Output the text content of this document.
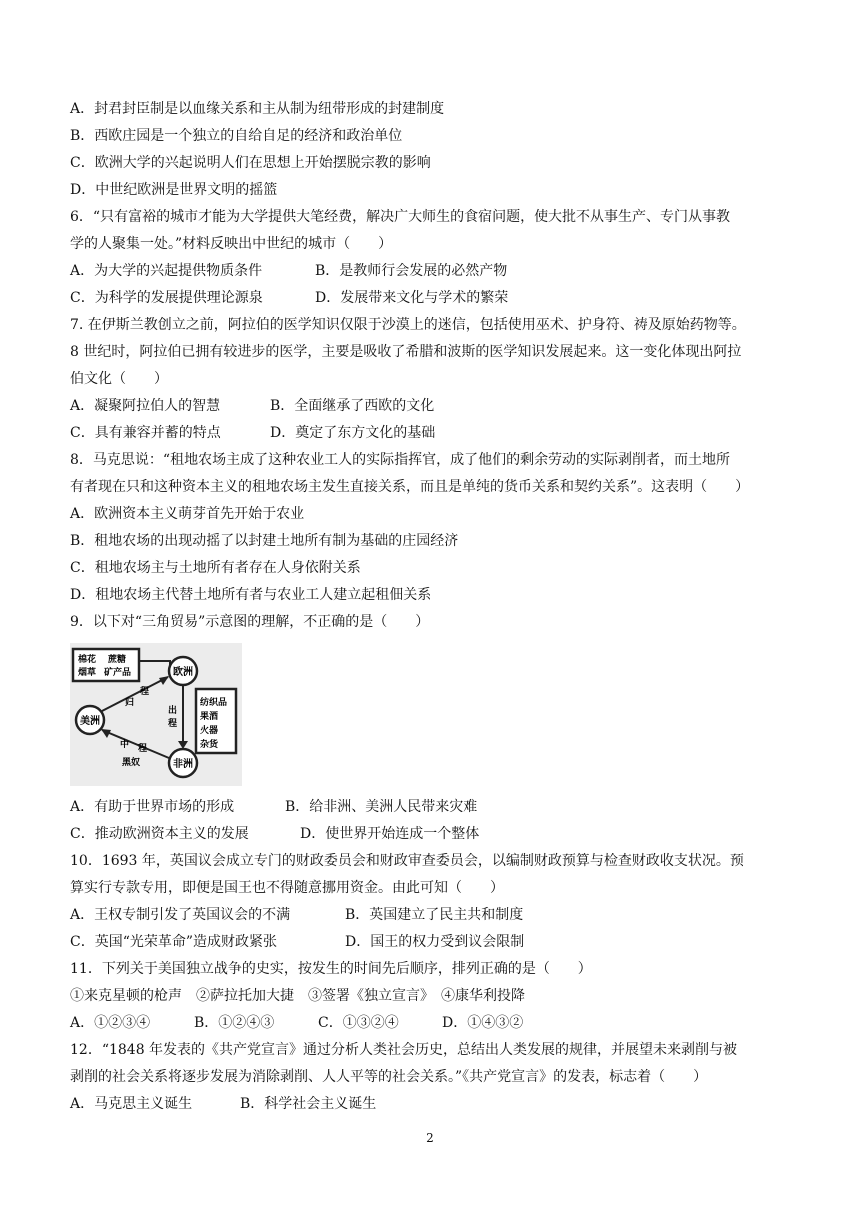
A．封君封臣制是以血缘关系和主从制为纽带形成的封建制度
B．西欧庄园是一个独立的自给自足的经济和政治单位
C．欧洲大学的兴起说明人们在思想上开始摆脱宗教的影响
D．中世纪欧洲是世界文明的摇篮
6．“只有富裕的城市才能为大学提供大笔经费，解决广大师生的食宿问题，使大批不从事生产、专门从事教
学的人聚集一处。”材料反映出中世纪的城市（　　）
A．为大学的兴起提供物质条件	B．是教师行会发展的必然产物
C．为科学的发展提供理论源泉	D．发展带来文化与学术的繁荣
7. 在伊斯兰教创立之前，阿拉伯的医学知识仅限于沙漠上的迷信，包括使用巫术、护身符、祷及原始药物等。
8 世纪时，阿拉伯已拥有较进步的医学，主要是吸收了希腊和波斯的医学知识发展起来。这一变化体现出阿拉
伯文化（　　）
A．凝聚阿拉伯人的智慧	B．全面继承了西欧的文化
C．具有兼容并蓄的特点	D．奠定了东方文化的基础
8．马克思说：“租地农场主成了这种农业工人的实际指挥官，成了他们的剩余劳动的实际剥削者，而土地所
有者现在只和这种资本主义的租地农场主发生直接关系，而且是单纯的货币关系和契约关系”。这表明（　　）
A．欧洲资本主义萌芽首先开始于农业
B．租地农场的出现动摇了以封建土地所有制为基础的庄园经济
C．租地农场主与土地所有者存在人身依附关系
D．租地农场主代替土地所有者与农业工人建立起租佃关系
9．以下对“三角贸易”示意图的理解，不正确的是（　　）
棉花 蔗糖
烟草 矿产品
纺织品
果酒
火器
杂货
欧洲
美洲
非洲
程
归
出
程
中 程
黑奴
A．有助于世界市场的形成	B．给非洲、美洲人民带来灾难
C．推动欧洲资本主义的发展	D．使世界开始连成一个整体
10．1693 年，英国议会成立专门的财政委员会和财政审查委员会，以编制财政预算与检查财政收支状况。预
算实行专款专用，即便是国王也不得随意挪用资金。由此可知（　　）
A．王权专制引发了英国议会的不满	B．英国建立了民主共和制度
C．英国“光荣革命”造成财政紧张	D．国王的权力受到议会限制
11．下列关于美国独立战争的史实，按发生的时间先后顺序，排列正确的是（　　）
①来克星顿的枪声　②萨拉托加大捷　③签署《独立宣言》　④康华利投降
A．①②③④	B．①②④③	C．①③②④	D．①④③②
12．“1848 年发表的《共产党宣言》通过分析人类社会历史，总结出人类发展的规律，并展望未来剥削与被
剥削的社会关系将逐步发展为消除剥削、人人平等的社会关系。”《共产党宣言》的发表，标志着（　　）
A．马克思主义诞生	B．科学社会主义诞生
2
